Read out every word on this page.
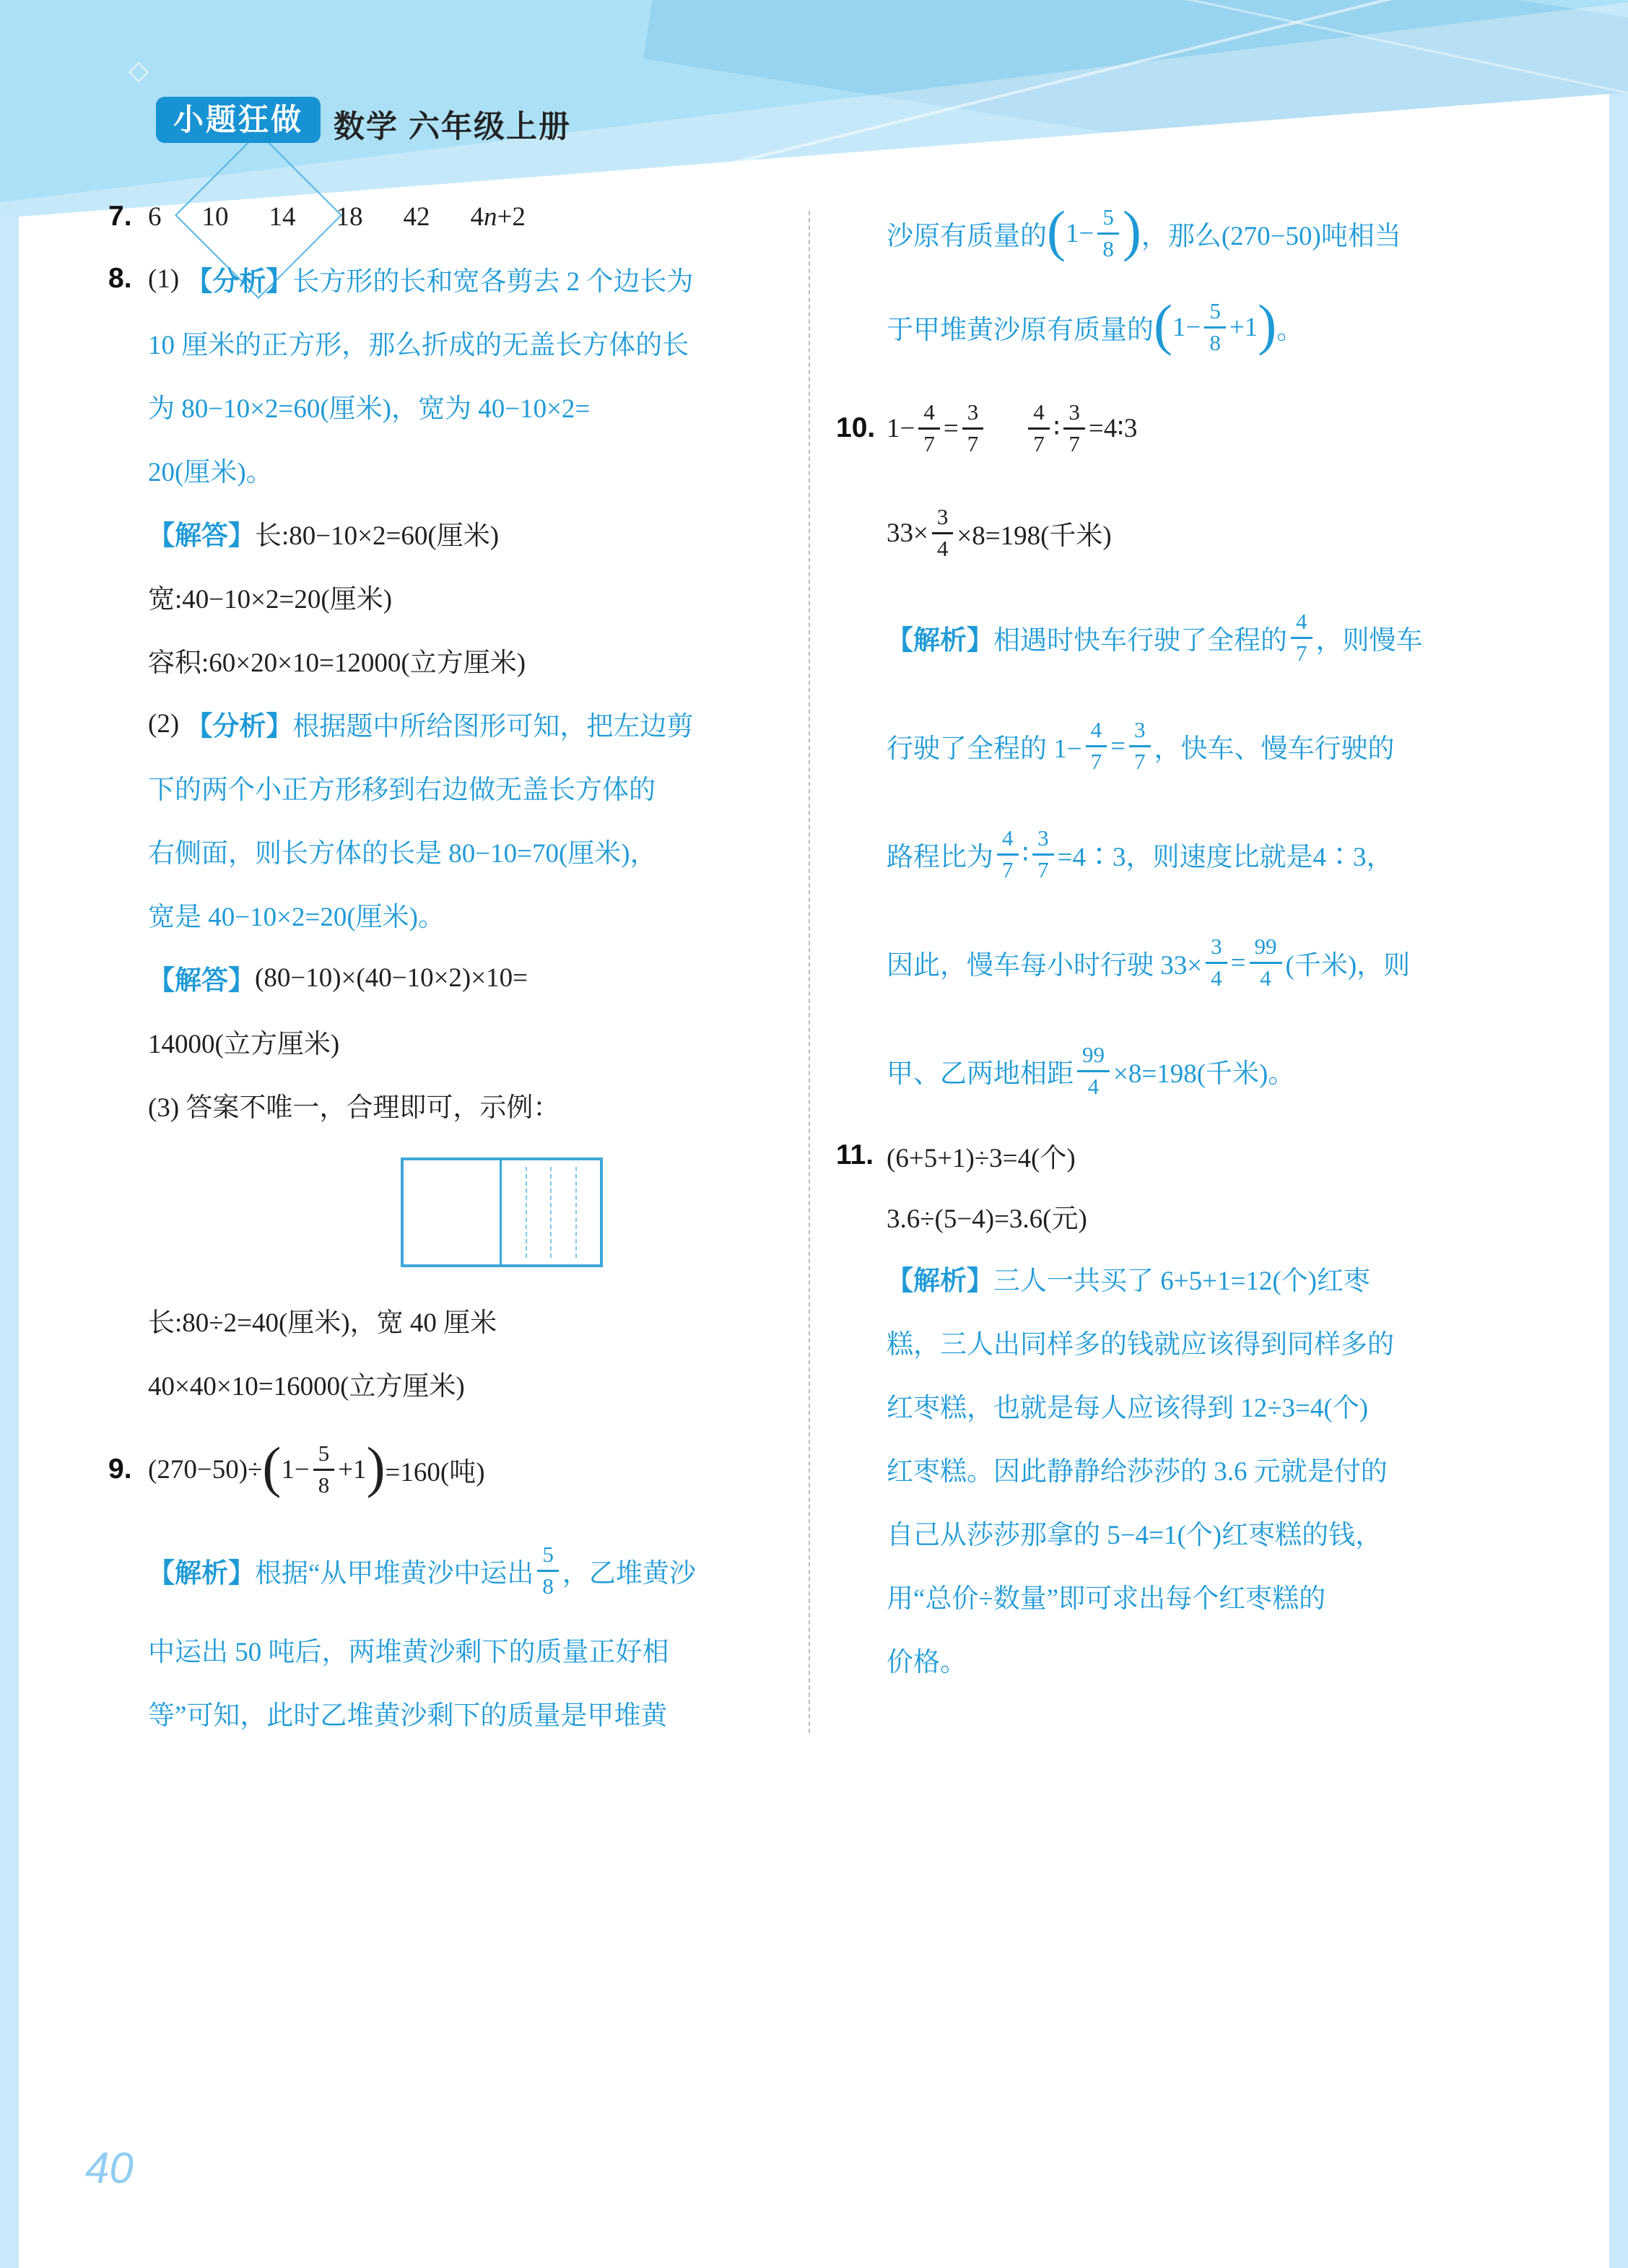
小题狂做 数学 六年级上册
7. 6 10 14 18 42 4 n +2
8. (1) 【分析】 长方形的长和宽各剪去 2 个边长为
10 厘米的正方形，那么折成的无盖长方体的长
为 80−10×2=60(厘米)，宽为 40−10×2=
20(厘米)。
【解答】 长:80−10×2=60(厘米)
宽:40−10×2=20(厘米)
容积:60×20×10=12000(立方厘米)
(2) 【分析】 根据题中所给图形可知，把左边剪
下的两个小正方形移到右边做无盖长方体的
右侧面，则长方体的长是 80−10=70(厘米)，
宽是 40−10×2=20(厘米)。
【解答】 (80−10)×(40−10×2)×10=
14000(立方厘米)
(3) 答案不唯一，合理即可，示例：
长:80÷2=40(厘米)，宽 40 厘米
40×40×10=16000(立方厘米)
9. (270−50)÷ ( $1- \frac{5}{8} +1$ ) =160(吨)
【解析】 根据“从甲堆黄沙中运出 $\frac{5}{8}$ ，乙堆黄沙
中运出 50 吨后，两堆黄沙剩下的质量正好相
等”可知，此时乙堆黄沙剩下的质量是甲堆黄
沙原有质量的 ( $1- \frac{5}{8}$ ) ，那么(270−50)吨相当
于甲堆黄沙原有质量的 ( $1- \frac{5}{8} +1$ ) 。
10. $1- \frac{4}{7} = \frac{3}{7} \frac{4}{7}$ ∶ $\frac{3}{7}$ =4∶3
$33\times \frac{3}{4} \times 8=198$(千米)
【解析】 相遇时快车行驶了全程的 $\frac{4}{7}$ ，则慢车
行驶了全程的 $1- \frac{4}{7} = \frac{3}{7}$ ，快车、慢车行驶的
路程比为 $\frac{4}{7}$ ∶ $\frac{3}{7}$ =4∶3，则速度比就是4∶3，
因此，慢车每小时行驶 $33\times \frac{3}{4} = \frac{99}{4}$ (千米)，则
甲、乙两地相距 $\frac{99}{4} \times 8=198$(千米)。
11. (6+5+1)÷3=4(个)
3.6÷(5−4)=3.6(元)
【解析】 三人一共买了 6+5+1=12(个)红枣
糕，三人出同样多的钱就应该得到同样多的
红枣糕，也就是每人应该得到 12÷3=4(个)
红枣糕。因此静静给莎莎的 3.6 元就是付的
自己从莎莎那拿的 5−4=1(个)红枣糕的钱，
用“总价÷数量”即可求出每个红枣糕的
价格。
40
